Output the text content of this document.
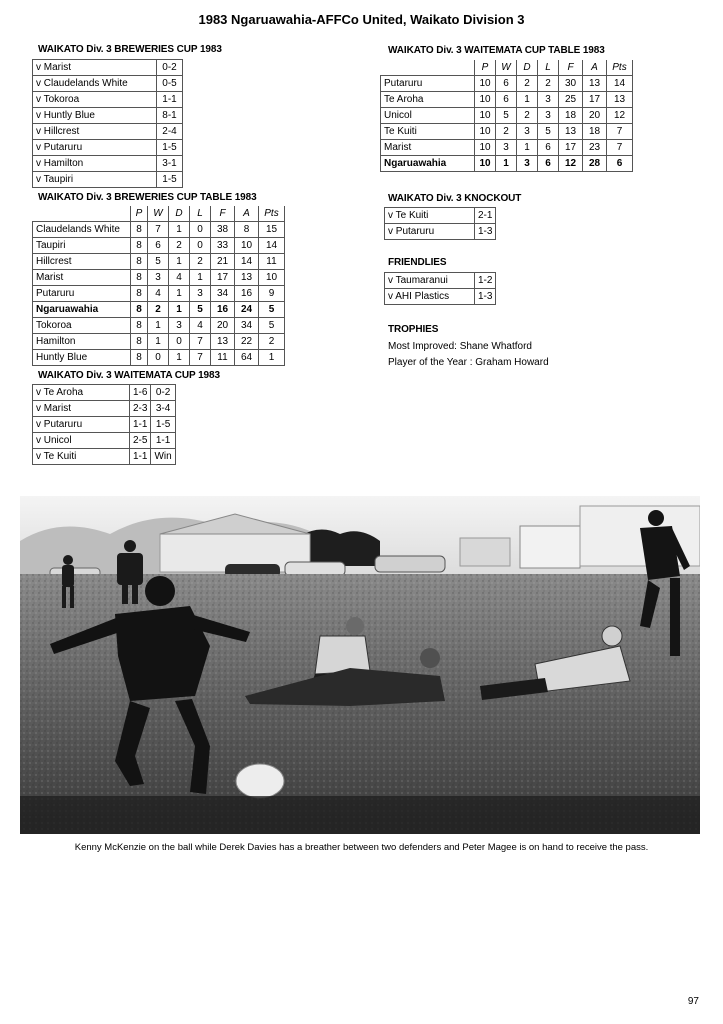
1983 Ngaruawahia-AFFCo United, Waikato Division 3
WAIKATO Div. 3 BREWERIES CUP 1983
v Marist	0-2
v Claudelands White	0-5
v Tokoroa	1-1
v Huntly Blue	8-1
v Hillcrest	2-4
v Putaruru	1-5
v Hamilton	3-1
v Taupiri	1-5
WAIKATO Div. 3 BREWERIES CUP TABLE 1983
	P	W	D	L	F	A	Pts
Claudelands White	8	7	1	0	38	8	15
Taupiri	8	6	2	0	33	10	14
Hillcrest	8	5	1	2	21	14	11
Marist	8	3	4	1	17	13	10
Putaruru	8	4	1	3	34	16	9
Ngaruawahia	8	2	1	5	16	24	5
Tokoroa	8	1	3	4	20	34	5
Hamilton	8	1	0	7	13	22	2
Huntly Blue	8	0	1	7	11	64	1
WAIKATO Div. 3 WAITEMATA CUP 1983
v Te Aroha	1-6	0-2
v Marist	2-3	3-4
v Putaruru	1-1	1-5
v Unicol	2-5	1-1
v Te Kuiti	1-1	Win
WAIKATO Div. 3 WAITEMATA CUP TABLE 1983
	P	W	D	L	F	A	Pts
Putaruru	10	6	2	2	30	13	14
Te Aroha	10	6	1	3	25	17	13
Unicol	10	5	2	3	18	20	12
Te Kuiti	10	2	3	5	13	18	7
Marist	10	3	1	6	17	23	7
Ngaruawahia	10	1	3	6	12	28	6
WAIKATO Div. 3 KNOCKOUT
v Te Kuiti	2-1
v Putaruru	1-3
FRIENDLIES
v Taumaranui	1-2
v AHI Plastics	1-3
TROPHIES
Most Improved: Shane Whatford
Player of the Year : Graham Howard
Kenny McKenzie on the ball while Derek Davies has a breather between two defenders and Peter Magee is on hand to receive the pass.
97
